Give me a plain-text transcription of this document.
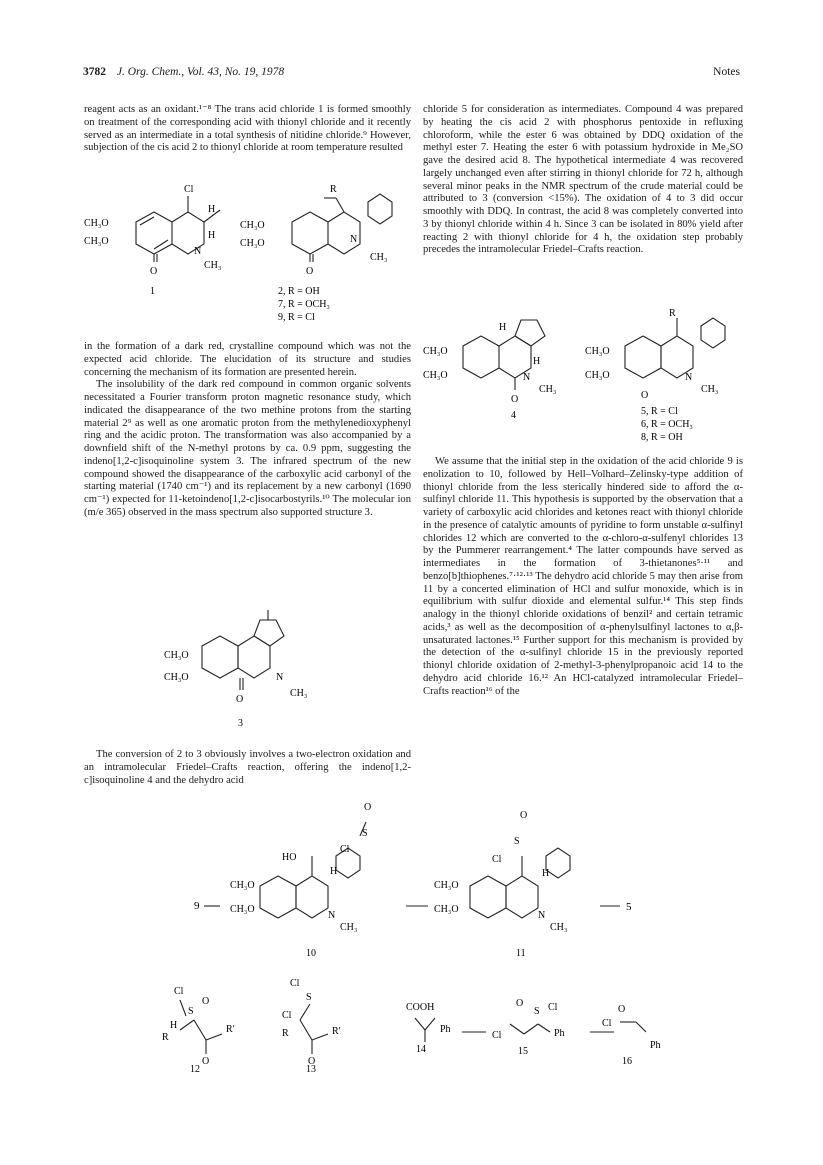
3782 J. Org. Chem., Vol. 43, No. 19, 1978	Notes

reagent acts as an oxidant.¹⁻⁸ The trans acid chloride 1 is formed smoothly on treatment of the corresponding acid with thionyl chloride and it recently served as an intermediate in a total synthesis of nitidine chloride.⁹ However, subjection of the cis acid 2 to thionyl chloride at room temperature resulted

CH₃O
CH₃O
Cl
H
H
N
CH₃
O
1
CH₃O
CH₃O
R
N
CH₃
O
2, R = OH
7, R = OCH₃
9, R = Cl

in the formation of a dark red, crystalline compound which was not the expected acid chloride. The elucidation of its structure and studies concerning the mechanism of its formation are presented herein.

The insolubility of the dark red compound in common organic solvents necessitated a Fourier transform proton magnetic resonance study, which indicated the disappearance of the two methine protons from the starting material 2⁹ as well as one aromatic proton from the methylenedioxyphenyl ring and the acidic proton. The transformation was also accompanied by a downfield shift of the N-methyl protons by ca. 0.9 ppm, suggesting the indeno[1,2-c]isoquinoline system 3. The infrared spectrum of the new compound showed the disappearance of the carboxylic acid carbonyl of the starting material (1740 cm⁻¹) and its replacement by a new carbonyl (1690 cm⁻¹) expected for 11-ketoindeno[1,2-c]isocarbostyrils.¹⁰ The molecular ion (m/e 365) observed in the mass spectrum also supported structure 3.

CH₃O
CH₃O	N
CH₃
O
3

The conversion of 2 to 3 obviously involves a two-electron oxidation and an intramolecular Friedel–Crafts reaction, offering the indeno[1,2-c]isoquinoline 4 and the dehydro acid

chloride 5 for consideration as intermediates. Compound 4 was prepared by heating the cis acid 2 with phosphorus pentoxide in refluxing chloroform, while the ester 6 was obtained by DDQ oxidation of the methyl ester 7. Heating the ester 6 with potassium hydroxide in Me₂SO gave the desired acid 8. The hypothetical intermediate 4 was recovered largely unchanged even after stirring in thionyl chloride for 72 h, although several minor peaks in the NMR spectrum of the crude material could be attributed to 3 (conversion <15%). The oxidation of 4 to 3 did occur smoothly with DDQ. In contrast, the acid 8 was completely converted into 3 by thionyl chloride within 4 h. Since 3 can be isolated in 80% yield after reacting 2 with thionyl chloride for 4 h, the oxidation step probably precedes the intramolecular Friedel–Crafts reaction.

CH₃O
CH₃O
H
H
N
CH₃
O
4
CH₃O
CH₃O
R
N
CH₃
O
5, R = Cl
6, R = OCH₃
8, R = OH

We assume that the initial step in the oxidation of the acid chloride 9 is enolization to 10, followed by Hell–Volhard–Zelinsky-type addition of thionyl chloride from the less sterically hindered side to afford the α-sulfinyl chloride 11. This hypothesis is supported by the observation that a variety of carboxylic acid chlorides and ketones react with thionyl chloride in the presence of catalytic amounts of pyridine to form unstable α-sulfinyl chlorides 12 which are converted to the α-chloro-α-sulfenyl chlorides 13 by the Pummerer rearrangement.⁴ The latter compounds have served as intermediates in the formation of 3-thietanones⁵·¹¹ and benzo[b]thiophenes.⁷·¹²·¹³ The dehydro acid chloride 5 may then arise from 11 by a concerted elimination of HCl and sulfur monoxide, which is in equilibrium with sulfur dioxide and elemental sulfur.¹⁴ This step finds analogy in the thionyl chloride oxidations of benzil² and certain tetramic acids,³ as well as the decomposition of α-phenylsulfinyl lactones to α,β-unsaturated lactones.¹⁵ Further support for this mechanism is provided by the detection of the α-sulfinyl chloride 15 in the previously reported thionyl chloride oxidation of 2-methyl-3-phenylpropanoic acid 14 to the dehydro acid chloride 16.¹² An HCl-catalyzed intramolecular Friedel–Crafts reaction¹⁶ of the

9
HO
Cl
S
O
H
CH₃O
CH₃O
N
CH₃
10
Cl
S
O
H
CH₃O
CH₃O
N
CH₃
11
5
Cl
S
O
H
R
R′
O
12
Cl
S
Cl
R	R′
O
13
COOH
Ph
14
Cl
O
S Cl
Ph
15
O
Cl
Ph
16
